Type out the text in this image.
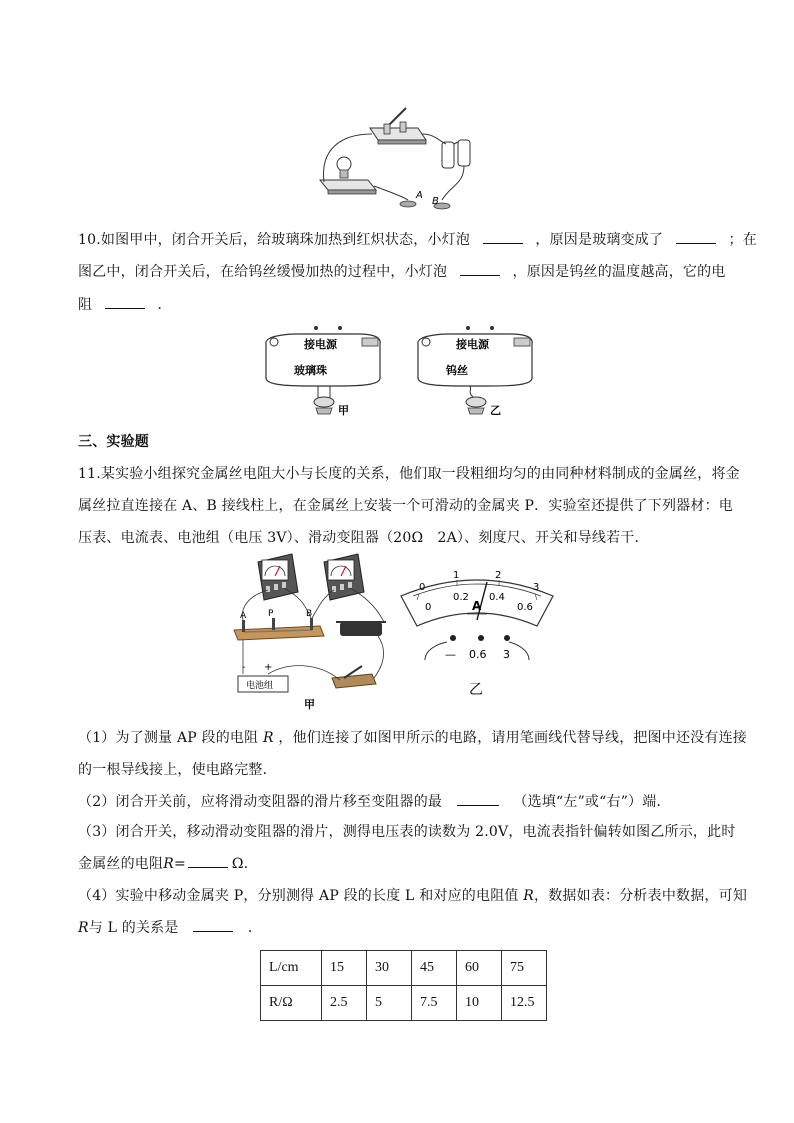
A
B
10.如图甲中，闭合开关后，给玻璃珠加热到红炽状态，小灯泡	，原因是玻璃变成了	；在
图乙中，闭合开关后，在给钨丝缓慢加热的过程中，小灯泡	，原因是钨丝的温度越高，它的电
阻	．
接电源
玻璃珠
甲
接电源
钨丝
乙
三、实验题
11.某实验小组探究金属丝电阻大小与长度的关系，他们取一段粗细均匀的由同种材料制成的金属丝，将金
属丝拉直连接在 A、B 接线柱上，在金属丝上安装一个可滑动的金属夹 P．实验室还提供了下列器材：电
压表、电流表、电池组（电压 3V）、滑动变阻器（20Ω　2A）、刻度尺、开关和导线若干．
A P	B
电池组
- +
甲
0
1	2
3
0
0.2 0.4
0.6
A
— 0.6 3
乙
（1）为了测量 AP 段的电阻 R ，他们连接了如图甲所示的电路，请用笔画线代替导线，把图中还没有连接
的一根导线接上，使电路完整．
（2）闭合开关前，应将滑动变阻器的滑片移至变阻器的最	（选填“左”或“右”）端．
（3）闭合开关，移动滑动变阻器的滑片，测得电压表的读数为 2.0V，电流表指针偏转如图乙所示，此时
金属丝的电阻R=	Ω．
（4）实验中移动金属夹 P，分别测得 AP 段的长度 L 和对应的电阻值 R，数据如表：分析表中数据，可知
R与 L 的关系是	．
L/cm	15	30	45	60	75
R/Ω	2.5	5	7.5	10	12.5
